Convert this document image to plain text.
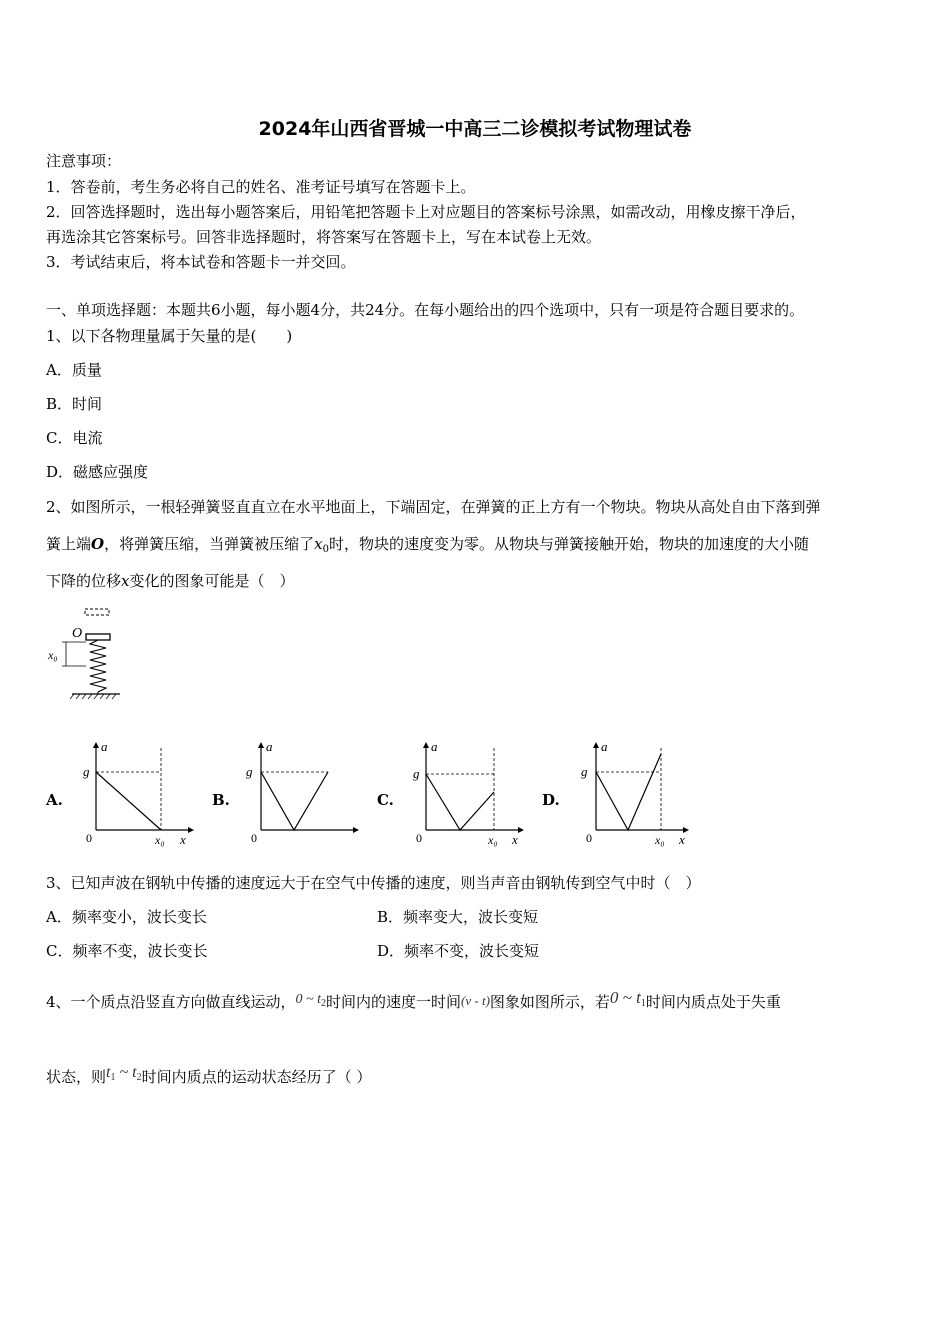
2024年山西省晋城一中高三二诊模拟考试物理试卷
注意事项：
1．答卷前，考生务必将自己的姓名、准考证号填写在答题卡上。
2．回答选择题时，选出每小题答案后，用铅笔把答题卡上对应题目的答案标号涂黑，如需改动，用橡皮擦干净后，
再选涂其它答案标号。回答非选择题时，将答案写在答题卡上，写在本试卷上无效。
3．考试结束后，将本试卷和答题卡一并交回。
一、单项选择题：本题共6小题，每小题4分，共24分。在每小题给出的四个选项中，只有一项是符合题目要求的。
1、以下各物理量属于矢量的是(　　)
A．质量
B．时间
C．电流
D．磁感应强度
2、如图所示，一根轻弹簧竖直直立在水平地面上，下端固定，在弹簧的正上方有一个物块。物块从高处自由下落到弹
簧上端O，将弹簧压缩，当弹簧被压缩了$x_0$时，物块的速度变为零。从物块与弹簧接触开始，物块的加速度的大小随
下降的位移x变化的图象可能是（　）
O
x₀
A.	B.	C.	D.
a
g
0	x₀ x
a
g
0
a
g
0	x₀ x
a
g
0	x₀ x
3、已知声波在钢轨中传播的速度远大于在空气中传播的速度，则当声音由钢轨传到空气中时（　）
A．频率变小，波长变长	B．频率变大，波长变短
C．频率不变，波长变长	D．频率不变，波长变短
4、一个质点沿竖直方向做直线运动，0 ~ $t_2$时间内的速度一时间(v - t)图象如图所示，若0 ~ $t_1$时间内质点处于失重
状态，则$t_1$ ~ $t_2$时间内质点的运动状态经历了（ ）
